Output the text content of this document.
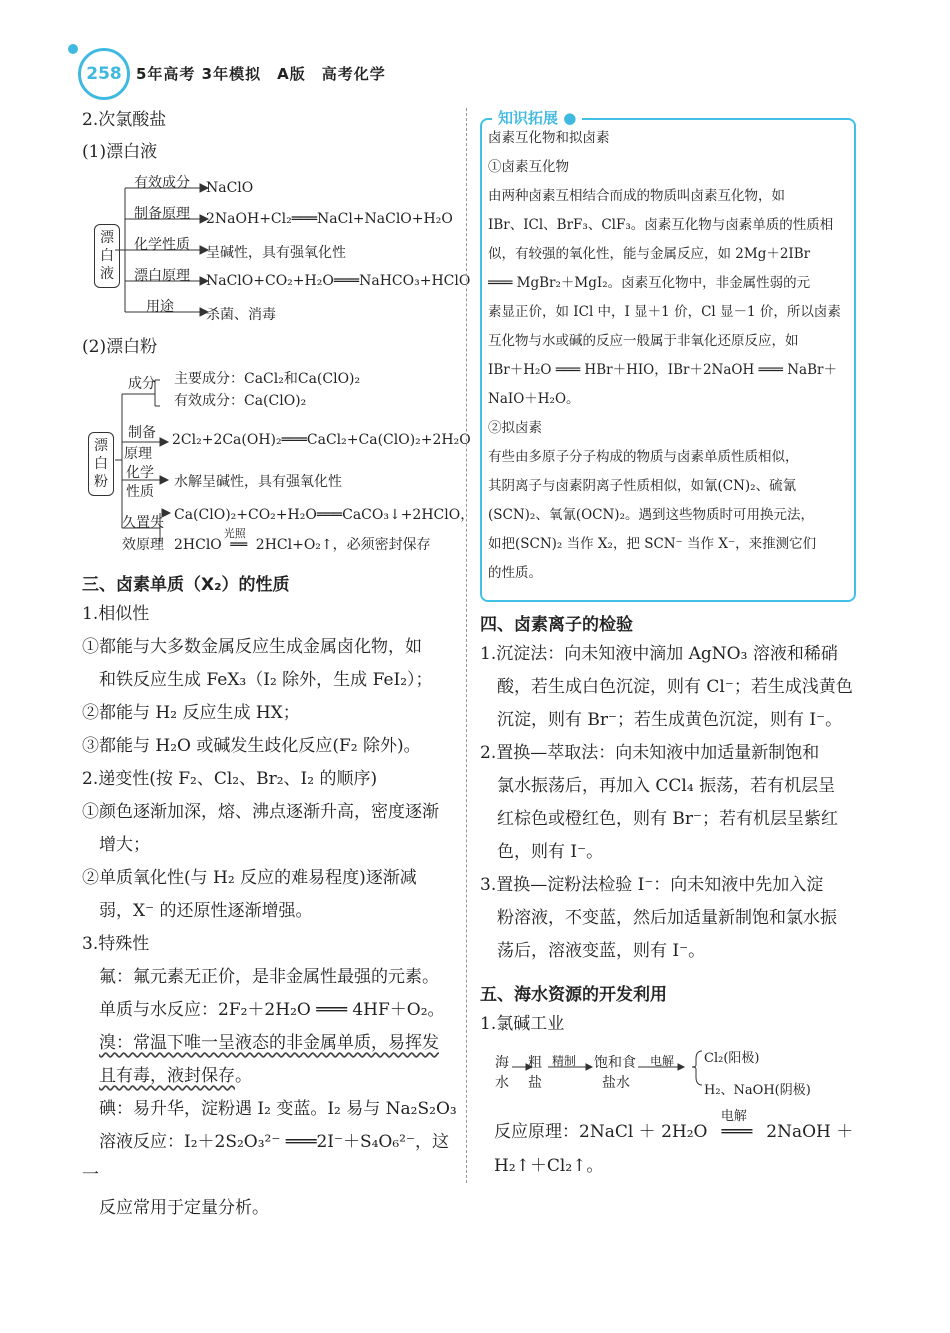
258 5年高考 3年模拟　A版　高考化学
2.次氯酸盐
(1)漂白液
漂白液
有效成分 NaClO
制备原理 2NaOH+Cl₂═══NaCl+NaClO+H₂O
化学性质 呈碱性，具有强氧化性
漂白原理 NaClO+CO₂+H₂O═══NaHCO₃+HClO
用途 杀菌、消毒
(2)漂白粉
漂白粉
成分 主要成分：CaCl₂和Ca(ClO)₂
有效成分：Ca(ClO)₂
制备
原理
2Cl₂+2Ca(OH)₂═══CaCl₂+Ca(ClO)₂+2H₂O
化学
性质
水解呈碱性，具有强氧化性
久置失
效原理
Ca(ClO)₂+CO₂+H₂O═══CaCO₃↓+2HClO，
2HClO
光照
══ 2HCl+O₂↑，必须密封保存
三、卤素单质（X₂）的性质
1.相似性
①都能与大多数金属反应生成金属卤化物，如
　和铁反应生成 FeX₃（I₂ 除外，生成 FeI₂）；
②都能与 H₂ 反应生成 HX；
③都能与 H₂O 或碱发生歧化反应(F₂ 除外)。
2.递变性(按 F₂、Cl₂、Br₂、I₂ 的顺序)
①颜色逐渐加深，熔、沸点逐渐升高，密度逐渐
　增大；
②单质氧化性(与 H₂ 反应的难易程度)逐渐减
　弱，X⁻ 的还原性逐渐增强。
3.特殊性
　氟：氟元素无正价，是非金属性最强的元素。
　单质与水反应：2F₂＋2H₂O ═══ 4HF＋O₂。
溴：常温下唯一呈液态的非金属单质，易挥发
且有毒，液封保存。
　碘：易升华，淀粉遇 I₂ 变蓝。I₂ 易与 Na₂S₂O₃
　溶液反应：I₂＋2S₂O₃²⁻ ═══2I⁻＋S₄O₆²⁻，这一
　反应常用于定量分析。
知识拓展 ●
卤素互化物和拟卤素
①卤素互化物
由两种卤素互相结合而成的物质叫卤素互化物，如
IBr、ICl、BrF₃、ClF₃。卤素互化物与卤素单质的性质相
似，有较强的氧化性，能与金属反应，如 2Mg＋2IBr
═══ MgBr₂＋MgI₂。卤素互化物中，非金属性弱的元
素显正价，如 ICl 中，I 显＋1 价，Cl 显－1 价，所以卤素
互化物与水或碱的反应一般属于非氧化还原反应，如
IBr＋H₂O ═══ HBr＋HIO，IBr＋2NaOH ═══ NaBr＋
NaIO＋H₂O。
②拟卤素
有些由多原子分子构成的物质与卤素单质性质相似，
其阴离子与卤素阴离子性质相似，如氰(CN)₂、硫氰
(SCN)₂、氧氰(OCN)₂。遇到这些物质时可用换元法，
如把(SCN)₂ 当作 X₂，把 SCN⁻ 当作 X⁻，来推测它们
的性质。
四、卤素离子的检验
1.沉淀法：向未知液中滴加 AgNO₃ 溶液和稀硝
　酸，若生成白色沉淀，则有 Cl⁻；若生成浅黄色
　沉淀，则有 Br⁻；若生成黄色沉淀，则有 I⁻。
2.置换—萃取法：向未知液中加适量新制饱和
　氯水振荡后，再加入 CCl₄ 振荡，若有机层呈
　红棕色或橙红色，则有 Br⁻；若有机层呈紫红
　色，则有 I⁻。
3.置换—淀粉法检验 I⁻：向未知液中先加入淀
　粉溶液，不变蓝，然后加适量新制饱和氯水振
　荡后，溶液变蓝，则有 I⁻。
五、海水资源的开发利用
1.氯碱工业
海
水
粗
盐
精制 饱和食
盐水
电解 Cl₂(阳极)
H₂、NaOH(阴极)
反应原理：2NaCl ＋ 2H₂O
电解
═══ 2NaOH ＋
H₂↑＋Cl₂↑。
